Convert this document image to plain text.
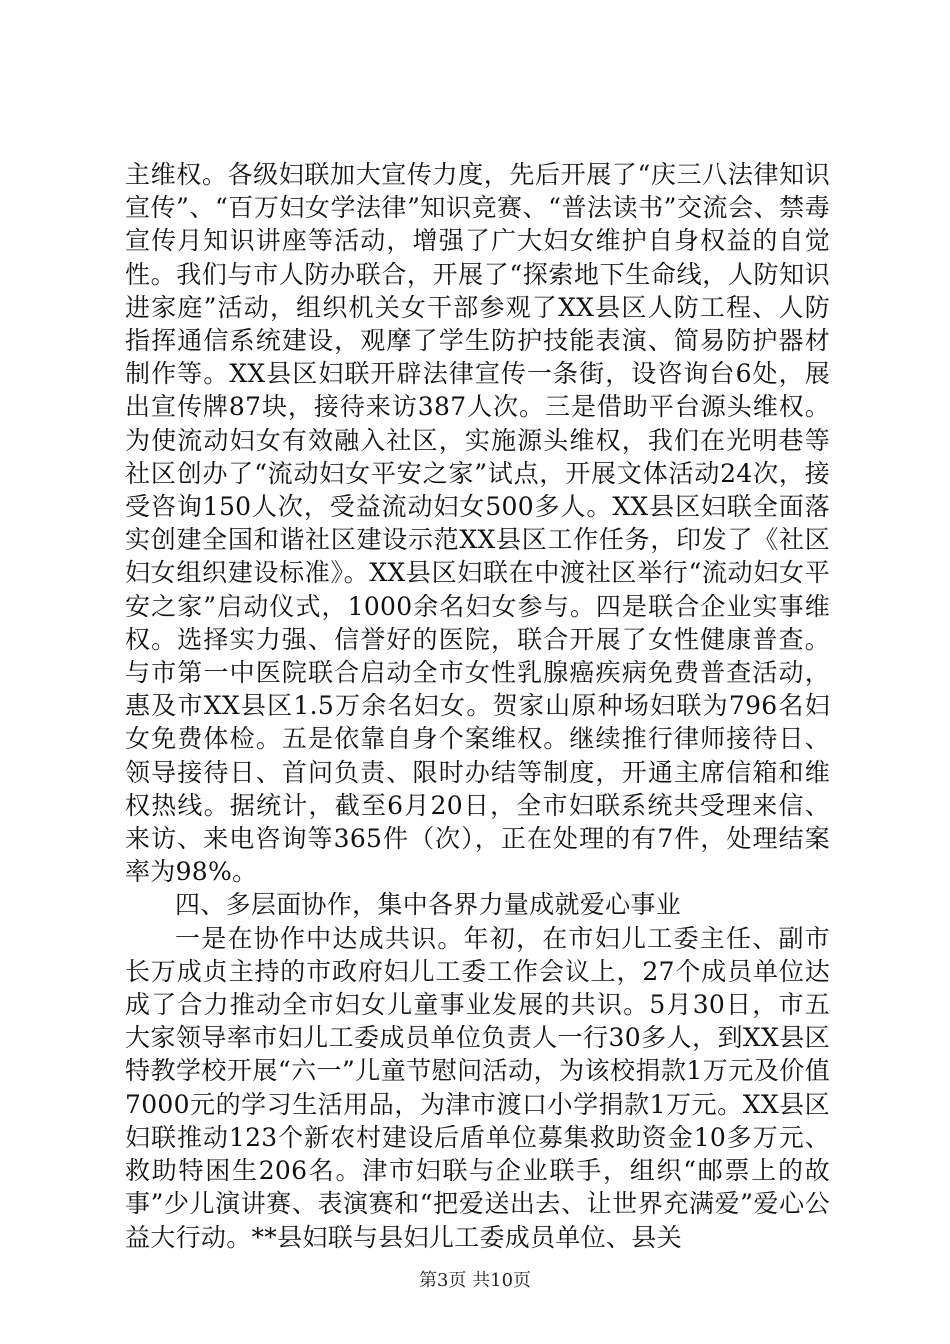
主维权。各级妇联加大宣传力度，先后开展了“庆三八法律知识宣传”、“百万妇女学法律”知识竞赛、“普法读书”交流会、禁毒宣传月知识讲座等活动，增强了广大妇女维护自身权益的自觉性。我们与市人防办联合，开展了“探索地下生命线，人防知识进家庭”活动，组织机关女干部参观了XX县区人防工程、人防指挥通信系统建设，观摩了学生防护技能表演、简易防护器材制作等。XX县区妇联开辟法律宣传一条街，设咨询台6处，展出宣传牌87块，接待来访387人次。三是借助平台源头维权。为使流动妇女有效融入社区，实施源头维权，我们在光明巷等社区创办了“流动妇女平安之家”试点，开展文体活动24次，接受咨询150人次，受益流动妇女500多人。XX县区妇联全面落实创建全国和谐社区建设示范XX县区工作任务，印发了《社区妇女组织建设标准》。XX县区妇联在中渡社区举行“流动妇女平安之家”启动仪式，1000余名妇女参与。四是联合企业实事维权。选择实力强、信誉好的医院，联合开展了女性健康普查。与市第一中医院联合启动全市女性乳腺癌疾病免费普查活动，惠及市XX县区1.5万余名妇女。贺家山原种场妇联为796名妇女免费体检。五是依靠自身个案维权。继续推行律师接待日、领导接待日、首问负责、限时办结等制度，开通主席信箱和维权热线。据统计，截至6月20日，全市妇联系统共受理来信、来访、来电咨询等365件（次），正在处理的有7件，处理结案率为98%。

四、多层面协作，集中各界力量成就爱心事业

一是在协作中达成共识。年初，在市妇儿工委主任、副市长万成贞主持的市政府妇儿工委工作会议上，27个成员单位达成了合力推动全市妇女儿童事业发展的共识。5月30日，市五大家领导率市妇儿工委成员单位负责人一行30多人，到XX县区特教学校开展“六一”儿童节慰问活动，为该校捐款1万元及价值7000元的学习生活用品，为津市渡口小学捐款1万元。XX县区妇联推动123个新农村建设后盾单位募集救助资金10多万元、救助特困生206名。津市妇联与企业联手，组织“邮票上的故事”少儿演讲赛、表演赛和“把爱送出去、让世界充满爱”爱心公益大行动。**县妇联与县妇儿工委成员单位、县关

第3页 共10页
